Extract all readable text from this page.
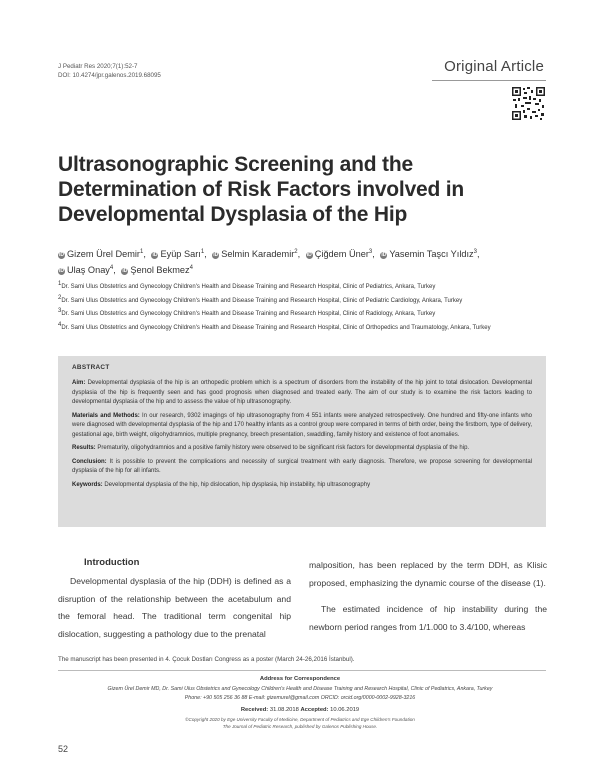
J Pediatr Res 2020;7(1):52-7
DOI: 10.4274/jpr.galenos.2019.68095
Original Article
Ultrasonographic Screening and the Determination of Risk Factors involved in Developmental Dysplasia of the Hip
iD Gizem Ürel Demir$^1$, iD Eyüp Sarı$^1$, iD Selmin Karademir$^2$, iD Çiğdem Üner$^3$, iD Yasemin Taşcı Yıldız$^3$,
iD Ulaş Onay$^4$, iD Şenol Bekmez$^4$
$^1$Dr. Sami Ulus Obstetrics and Gynecology Children's Health and Disease Training and Research Hospital, Clinic of Pediatrics, Ankara, Turkey
$^2$Dr. Sami Ulus Obstetrics and Gynecology Children's Health and Disease Training and Research Hospital, Clinic of Pediatric Cardiology, Ankara, Turkey
$^3$Dr. Sami Ulus Obstetrics and Gynecology Children's Health and Disease Training and Research Hospital, Clinic of Radiology, Ankara, Turkey
$^4$Dr. Sami Ulus Obstetrics and Gynecology Children's Health and Disease Training and Research Hospital, Clinic of Orthopedics and Traumatology, Ankara, Turkey
ABSTRACT
Aim: Developmental dysplasia of the hip is an orthopedic problem which is a spectrum of disorders from the instability of the hip joint to total dislocation. Developmental dysplasia of the hip is frequently seen and has good prognosis when diagnosed and treated early. The aim of our study is to examine the risk factors leading to developmental dysplasia of the hip and to assess the value of hip ultrasonography.
Materials and Methods: In our research, 9302 imagings of hip ultrasonography from 4 551 infants were analyzed retrospectively. One hundred and fifty-one infants who were diagnosed with developmental dysplasia of the hip and 170 healthy infants as a control group were compared in terms of birth order, being the firstborn, type of delivery, gestational age, birth weight, oligohydramnios, multiple pregnancy, breech presentation, swaddling, family history and existence of foot anomalies.
Results: Prematurity, oligohydramnios and a positive family history were observed to be significant risk factors for developmental dysplasia of the hip.
Conclusion: It is possible to prevent the complications and necessity of surgical treatment with early diagnosis. Therefore, we propose screening for developmental dysplasia of the hip for all infants.
Keywords: Developmental dysplasia of the hip, hip dislocation, hip dysplasia, hip instability, hip ultrasonography
Introduction
Developmental dysplasia of the hip (DDH) is defined as a disruption of the relationship between the acetabulum and the femoral head. The traditional term congenital hip dislocation, suggesting a pathology due to the prenatal
malposition, has been replaced by the term DDH, as Klisic proposed, emphasizing the dynamic course of the disease (1).
The estimated incidence of hip instability during the newborn period ranges from 1/1.000 to 3.4/100, whereas
The manuscript has been presented in 4. Çocuk Dostları Congress as a poster (March 24-26,2016 İstanbul).
Address for Correspondence
Gizem Ürel Demir MD, Dr. Sami Ulus Obstetrics and Gynecology Children's Health and Disease Training and Research Hospital, Clinic of Pediatrics, Ankara, Turkey
Phone: +90 505 256 36 88 E-mail: gizemurel@gmail.com ORCID: orcid.org/0000-0002-9928-3216
Received: 31.08.2018 Accepted: 10.06.2019
©Copyright 2020 by Ege University Faculty of Medicine, Department of Pediatrics and Ege Children's Foundation
The Journal of Pediatric Research, published by Galenos Publishing House.
52
